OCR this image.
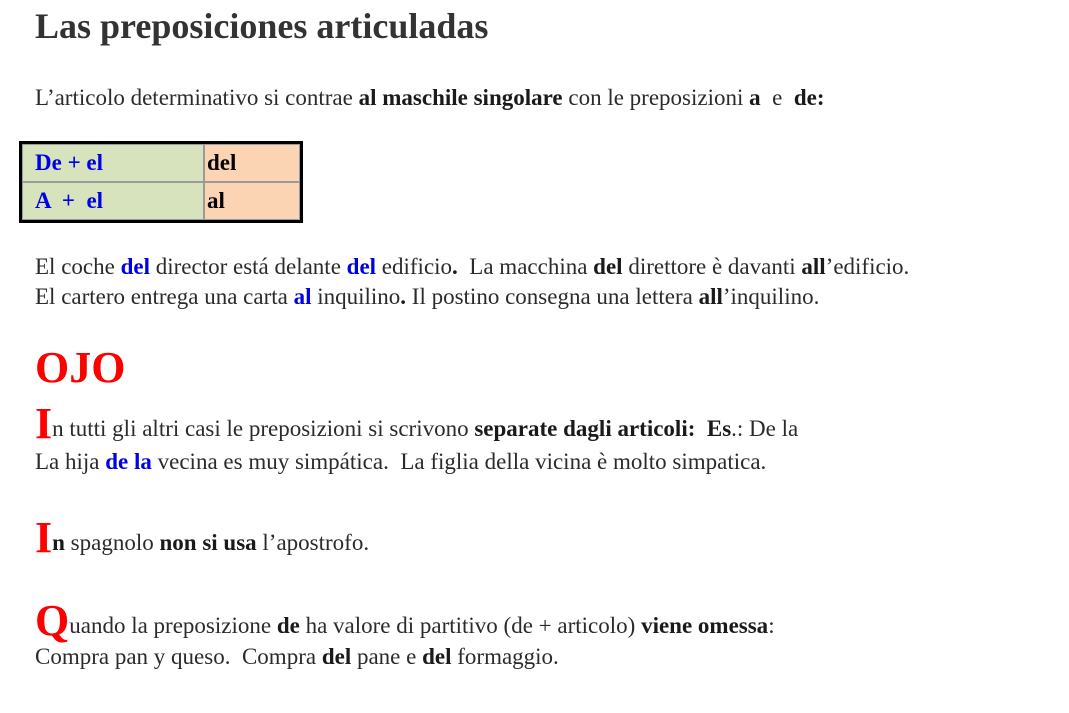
Las preposiciones articuladas
L’articolo determinativo si contrae al maschile singolare con le preposizioni a  e  de:
De + el	del
A  +  el	al
El coche del director está delante del edificio.  La macchina del direttore è davanti all’edificio.
El cartero entrega una carta al inquilino. Il postino consegna una lettera all’inquilino.
OJO
In tutti gli altri casi le preposizioni si scrivono separate dagli articoli: Es.: De la
La hija de la vecina es muy simpática.  La figlia della vicina è molto simpatica.
In spagnolo non si usa l’apostrofo.
Quando la preposizione de ha valore di partitivo (de + articolo) viene omessa:
Compra pan y queso.  Compra del pane e del formaggio.
